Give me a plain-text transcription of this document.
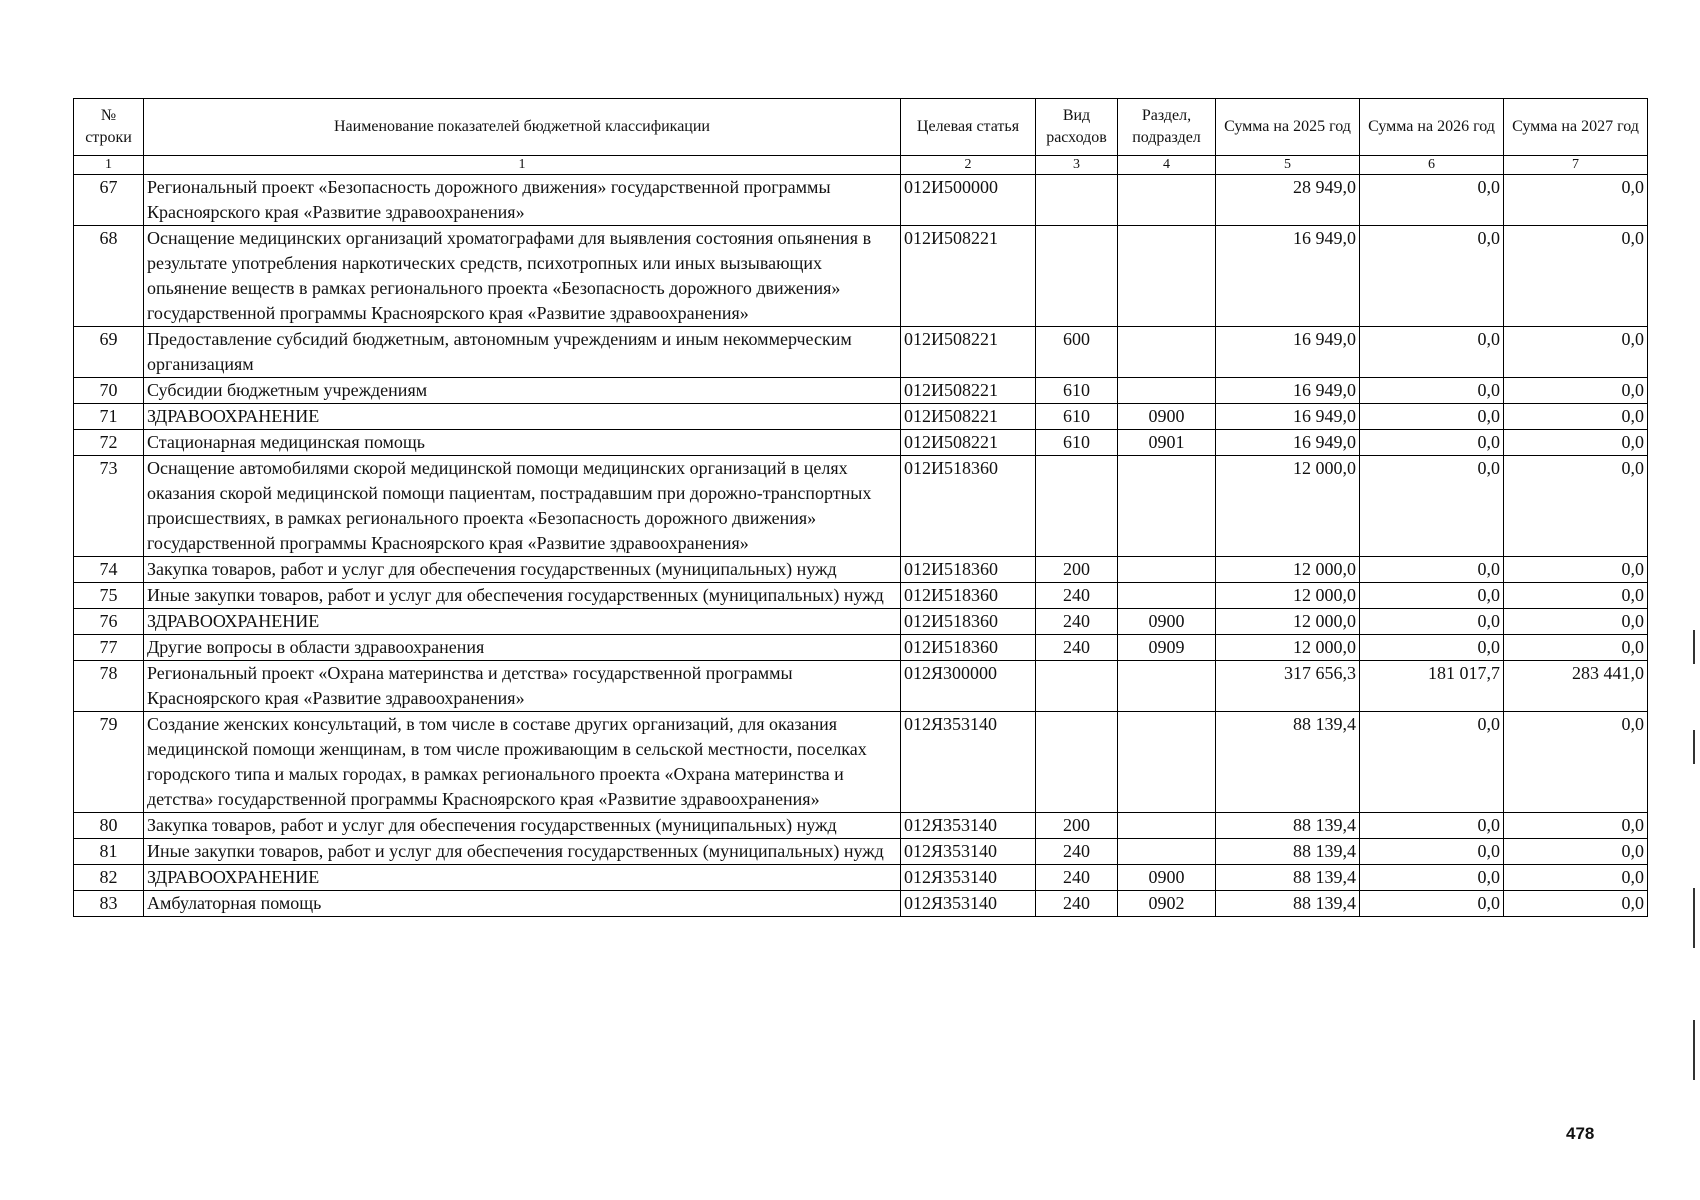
№ строки	Наименование показателей бюджетной классификации	Целевая статья	Вид расходов	Раздел, подраздел	Сумма на 2025 год	Сумма на 2026 год	Сумма на 2027 год
1	1	2	3	4	5	6	7
67	Региональный проект «Безопасность дорожного движения» государственной программы Красноярского края «Развитие здравоохранения»	012И500000			28 949,0	0,0	0,0
68	Оснащение медицинских организаций хроматографами для выявления состояния опьянения в результате употребления наркотических средств, психотропных или иных вызывающих опьянение веществ в рамках регионального проекта «Безопасность дорожного движения» государственной программы Красноярского края «Развитие здравоохранения»	012И508221			16 949,0	0,0	0,0
69	Предоставление субсидий бюджетным, автономным учреждениям и иным некоммерческим организациям	012И508221	600		16 949,0	0,0	0,0
70	Субсидии бюджетным учреждениям	012И508221	610		16 949,0	0,0	0,0
71	ЗДРАВООХРАНЕНИЕ	012И508221	610	0900	16 949,0	0,0	0,0
72	Стационарная медицинская помощь	012И508221	610	0901	16 949,0	0,0	0,0
73	Оснащение автомобилями скорой медицинской помощи медицинских организаций в целях оказания скорой медицинской помощи пациентам, пострадавшим при дорожно-транспортных происшествиях, в рамках регионального проекта «Безопасность дорожного движения» государственной программы Красноярского края «Развитие здравоохранения»	012И518360			12 000,0	0,0	0,0
74	Закупка товаров, работ и услуг для обеспечения государственных (муниципальных) нужд	012И518360	200		12 000,0	0,0	0,0
75	Иные закупки товаров, работ и услуг для обеспечения государственных (муниципальных) нужд	012И518360	240		12 000,0	0,0	0,0
76	ЗДРАВООХРАНЕНИЕ	012И518360	240	0900	12 000,0	0,0	0,0
77	Другие вопросы в области здравоохранения	012И518360	240	0909	12 000,0	0,0	0,0
78	Региональный проект «Охрана материнства и детства» государственной программы Красноярского края «Развитие здравоохранения»	012Я300000			317 656,3	181 017,7	283 441,0
79	Создание женских консультаций, в том числе в составе других организаций, для оказания медицинской помощи женщинам, в том числе проживающим в сельской местности, поселках городского типа и малых городах, в рамках регионального проекта «Охрана материнства и детства» государственной программы Красноярского края «Развитие здравоохранения»	012Я353140			88 139,4	0,0	0,0
80	Закупка товаров, работ и услуг для обеспечения государственных (муниципальных) нужд	012Я353140	200		88 139,4	0,0	0,0
81	Иные закупки товаров, работ и услуг для обеспечения государственных (муниципальных) нужд	012Я353140	240		88 139,4	0,0	0,0
82	ЗДРАВООХРАНЕНИЕ	012Я353140	240	0900	88 139,4	0,0	0,0
83	Амбулаторная помощь	012Я353140	240	0902	88 139,4	0,0	0,0
478
